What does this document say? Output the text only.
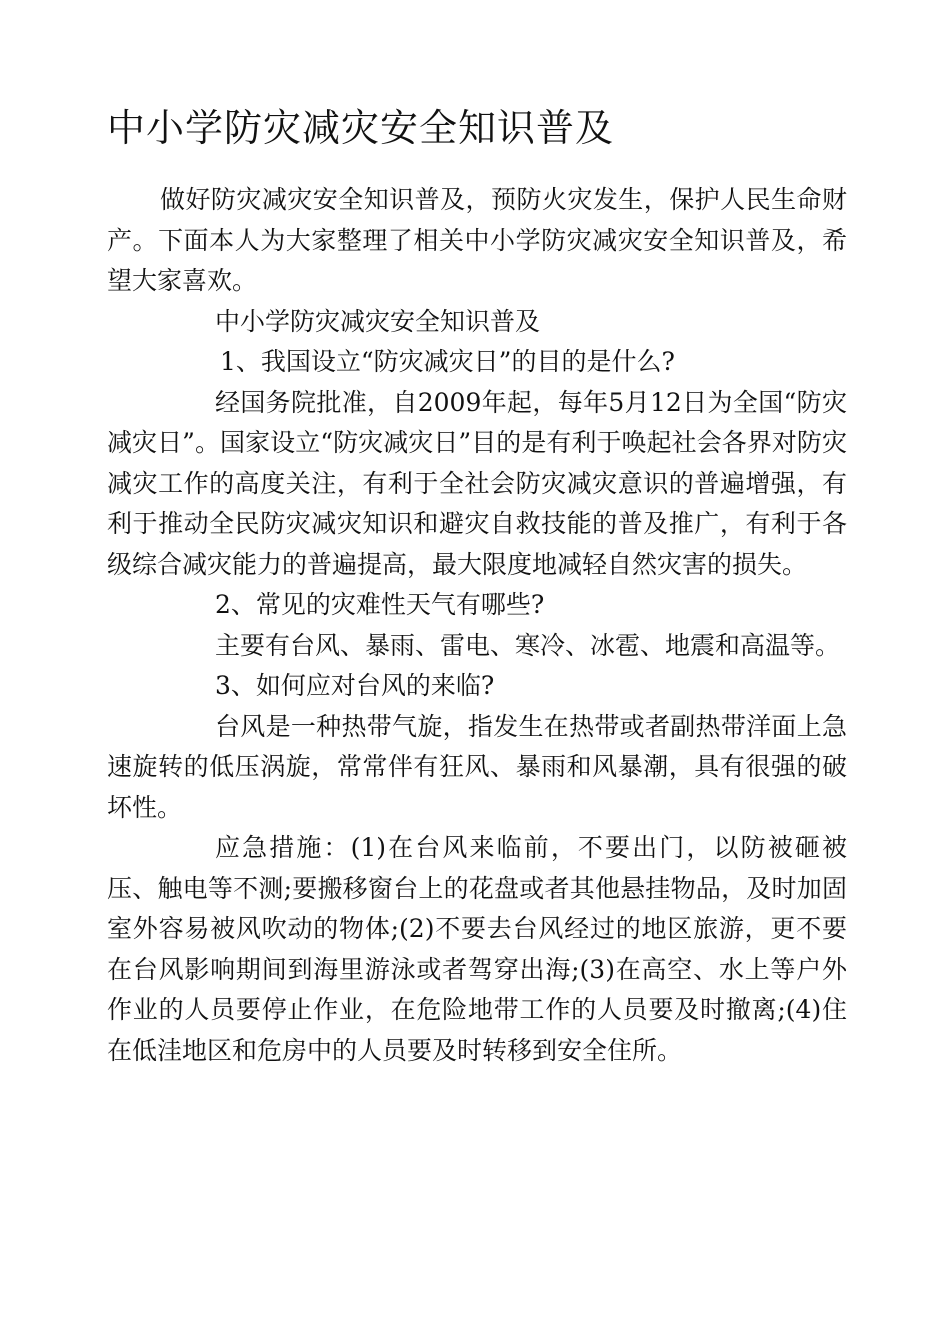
中小学防灾减灾安全知识普及

做好防灾减灾安全知识普及，预防火灾发生，保护人民生命财产。下面本人为大家整理了相关中小学防灾减灾安全知识普及，希望大家喜欢。

中小学防灾减灾安全知识普及

1、我国设立“防灾减灾日”的目的是什么?

经国务院批准，自2009年起，每年5月12日为全国“防灾减灾日”。国家设立“防灾减灾日”目的是有利于唤起社会各界对防灾减灾工作的高度关注，有利于全社会防灾减灾意识的普遍增强，有利于推动全民防灾减灾知识和避灾自救技能的普及推广，有利于各级综合减灾能力的普遍提高，最大限度地减轻自然灾害的损失。

2、常见的灾难性天气有哪些?

主要有台风、暴雨、雷电、寒冷、冰雹、地震和高温等。

3、如何应对台风的来临?

台风是一种热带气旋，指发生在热带或者副热带洋面上急速旋转的低压涡旋，常常伴有狂风、暴雨和风暴潮，具有很强的破坏性。

应急措施：(1)在台风来临前，不要出门，以防被砸被压、触电等不测;要搬移窗台上的花盘或者其他悬挂物品，及时加固室外容易被风吹动的物体;(2)不要去台风经过的地区旅游，更不要在台风影响期间到海里游泳或者驾穿出海;(3)在高空、水上等户外作业的人员要停止作业，在危险地带工作的人员要及时撤离;(4)住在低洼地区和危房中的人员要及时转移到安全住所。
